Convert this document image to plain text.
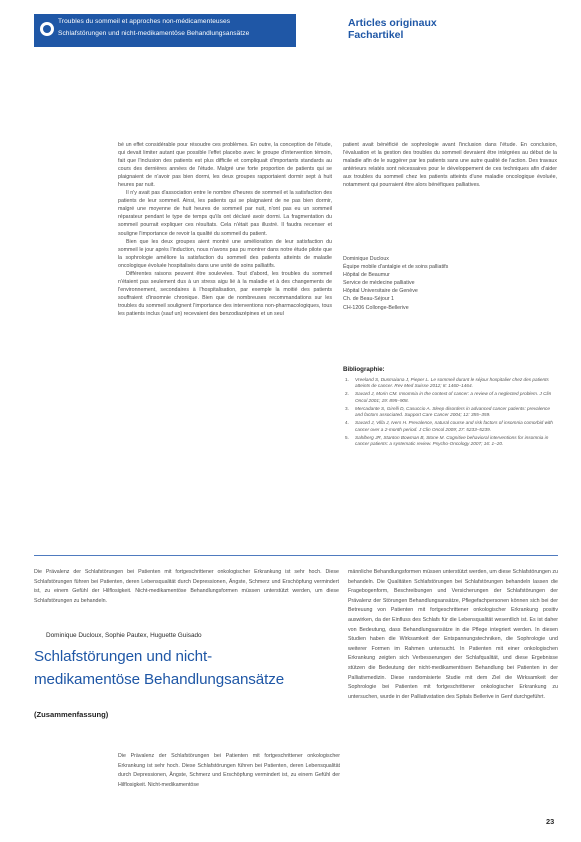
Troubles du sommeil et approches non-médicamenteuses
Schlafstörungen und nicht-medikamentöse Behandlungsansätze
Articles originaux
Fachartikel

bé un effet considérable pour résoudre ces problèmes. En outre, la conception de l'étude, qui devait limiter autant que possible l'effet placebo avec le groupe d'intervention témoin, fait que l'inclusion des patients est plus difficile et compliquait d'importants standards au cours des dernières années de l'étude. Malgré une forte proportion de patients qui se plaignaient de n'avoir pas bien dormi, les deux groupes rapportaient dormir sept à huit heures par nuit.

Il n'y avait pas d'association entre le nombre d'heures de sommeil et la satisfaction des patients de leur sommeil. Ainsi, les patients qui se plaignaient de ne pas bien dormir, malgré une moyenne de huit heures de sommeil par nuit, n'ont pas eu un sommeil réparateur pendant le type de temps qu'ils ont déclaré avoir dormi. La fragmentation du sommeil pourrait expliquer ces résultats. Cela n'était pas illustré. Il faudra recenser et souligne l'importance de revoir la qualité du sommeil du patient.

Bien que les deux groupes aient montré une amélioration de leur satisfaction du sommeil le jour après l'induction, nous n'avons pas pu montrer dans notre étude pilote que la sophrologie améliore la satisfaction du sommeil des patients atteints de maladie oncologique évoluée hospitalisés dans une unité de soins palliatifs.

Différentes raisons peuvent être soulevées. Tout d'abord, les troubles du sommeil n'étaient pas seulement dus à un stress aigu lié à la maladie et à des changements de l'environnement, secondaires à l'hospitalisation, par exemple la moitié des patients souffraient d'insomnie chronique. Bien que de nombreuses recommandations sur les troubles du sommeil soulignent l'importance des interventions non-pharmacologiques, tous les patients inclus (sauf un) recevaient des benzodiazépines et un seul

patient avait bénéficié de sophrologie avant l'inclusion dans l'étude. En conclusion, l'évaluation et la gestion des troubles du sommeil devraient être intégrées au début de la maladie afin de le suggérer par les patients sans une autre qualité de l'action. Des travaux antérieurs relatés sont nécessaires pour le développement de ces techniques afin d'aider aux troubles du sommeil chez les patients atteints d'une maladie oncologique évoluée, notamment qui pourraient être alors bénéfiques palliatives.

Dominique Ducloux
Équipe mobile d'antalgie et de soins palliatifs
Hôpital de Beaumur
Service de médecine palliative
Hôpital Universitaire de Genève
Ch. de Beau-Séjour 1
CH-1206 Collonge-Bellerive
Bibliographie:
1. Vreeland S, Dusmaiana J, Pieper L. Le sommeil durant le séjour hospitalier chez des patients atteints de cancer. Rev Med Suisse 2012; 8: 1460–1464.
2. Savard J, Morin CM. Insomnia in the context of cancer: a review of a neglected problem. J Clin Oncol 2001; 19: 895–908.
3. Mercadante S, Girelli D, Casuccio A. Sleep disorders in advanced cancer patients: prevalence and factors associated. Support Care Cancer 2004; 12: 355–359.
4. Savard J, Villa J, Ivers H. Prevalence, natural course and risk factors of insomnia comorbid with cancer over a 2-month period. J Clin Oncol 2009; 27: 5233–5239.
5. Sahlberg JR, Stanton Bowman B, Stone M. Cognitive behavioral interventions for insomnia in cancer patients: a systematic review. Psycho-Oncology 2007; 16: 1–20.
Die Prävalenz der Schlafstörungen bei Patienten mit fortgeschrittener onkologischer Erkrankung ist sehr hoch. Diese Schlafstörungen führen bei Patienten, deren Lebensqualität durch Depressionen, Ängste, Schmerz und Erschöpfung vermindert ist, zu einem Gefühl der Hilflosigkeit. Nicht-medikamentöse Behandlungsformen müssen unterstützt werden, um diese Schlafstörungen zu behandeln.
Dominique Ducloux, Sophie Pautex, Huguette Guisado
Schlafstörungen und nicht-
medikamentöse Behandlungsansätze
(Zusammenfassung)

Die Prävalenz der Schlafstörungen bei Patienten mit fortgeschrittener onkologischer Erkrankung ist sehr hoch. Diese Schlafstörungen führen bei Patienten, deren Lebensqualität durch Depressionen, Ängste, Schmerz und Erschöpfung vermindert ist, zu einem Gefühl der Hilflosigkeit. Nicht-medikamentöse

männliche Behandlungsformen müssen unterstützt werden, um diese Schlafstörungen zu behandeln. Die Qualitäten Schlafstörungen bei Schlafstörungen behandeln lassen die Fragebogenform, Beschreibungen und Versicherungen der Schlafstörungen der Prävalenz der Störungen Behandlungsansätze, Pflegefachpersonen können sich bei der Betreuung von Patienten mit fortgeschrittener onkologischer Erkrankung positiv auswirken, da der Einfluss des Schlafs für die Lebensqualität wesentlich ist. Es ist daher von Bedeutung, dass Behandlungsansätze in die Pflege integriert werden. In diesen Studien haben die Wirksamkeit der Entspannungstechniken, die Sophrologie und weiterer Formen im Rahmen untersucht. In Patienten mit einer onkologischen Erkrankung zeigten sich Verbesserungen der Schlafqualität, und diese Ergebnisse stützen die Bedeutung der nicht-medikamentösen Behandlung bei Patienten in der Palliativmedizin. Diese randomisierte Studie mit dem Ziel die Wirksamkeit der Sophrologie bei Patienten mit fortgeschrittener onkologischer Erkrankung zu untersuchen, wurde in der Palliativstation des Spitals Bellerive in Genf durchgeführt.

23
